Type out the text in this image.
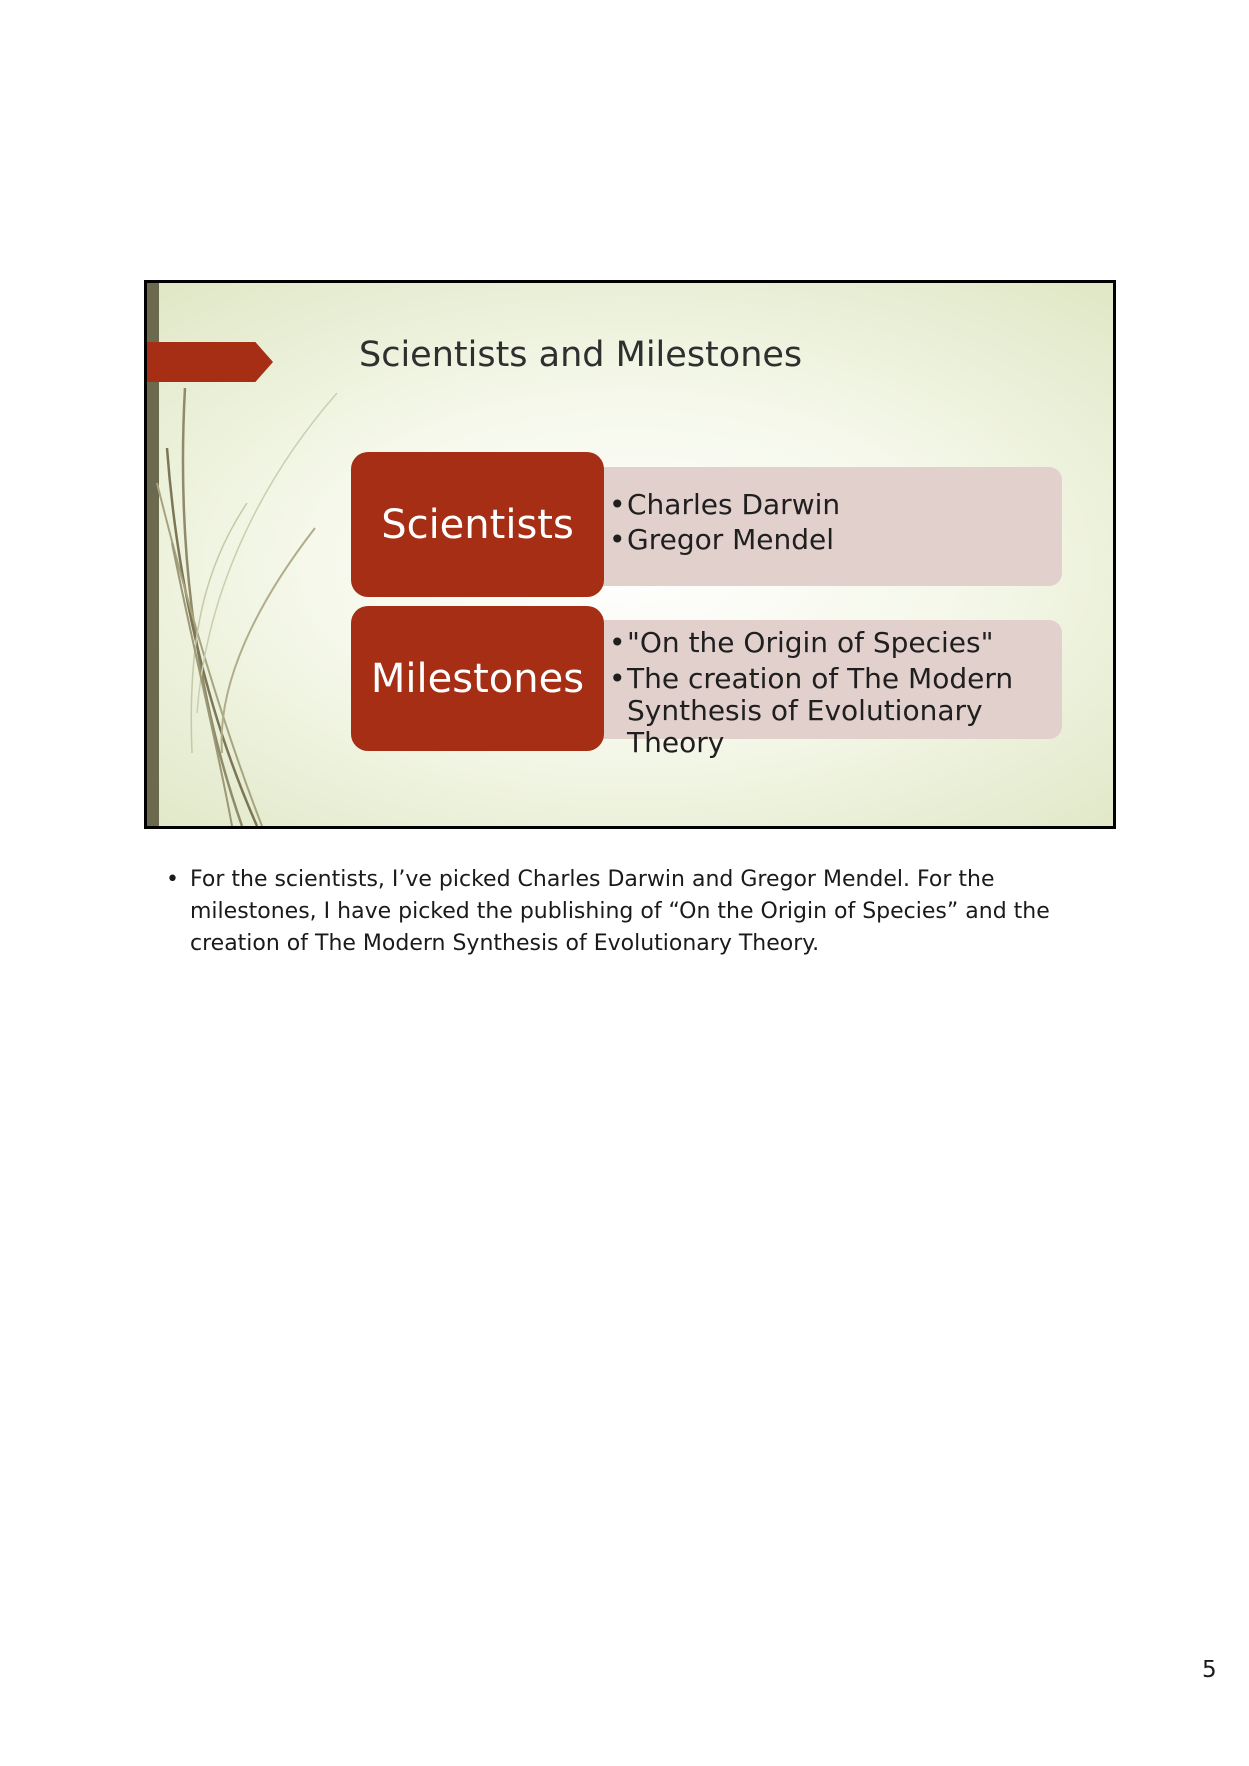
Scientists and Milestones
Scientists
•	Charles Darwin
• Gregor Mendel
Milestones
• "On the Origin of Species"
• The creation of The Modern Synthesis of Evolutionary Theory
• For the scientists, I’ve picked Charles Darwin and Gregor Mendel. For the milestones, I have picked the publishing of “On the Origin of Species” and the creation of The Modern Synthesis of Evolutionary Theory.
5
